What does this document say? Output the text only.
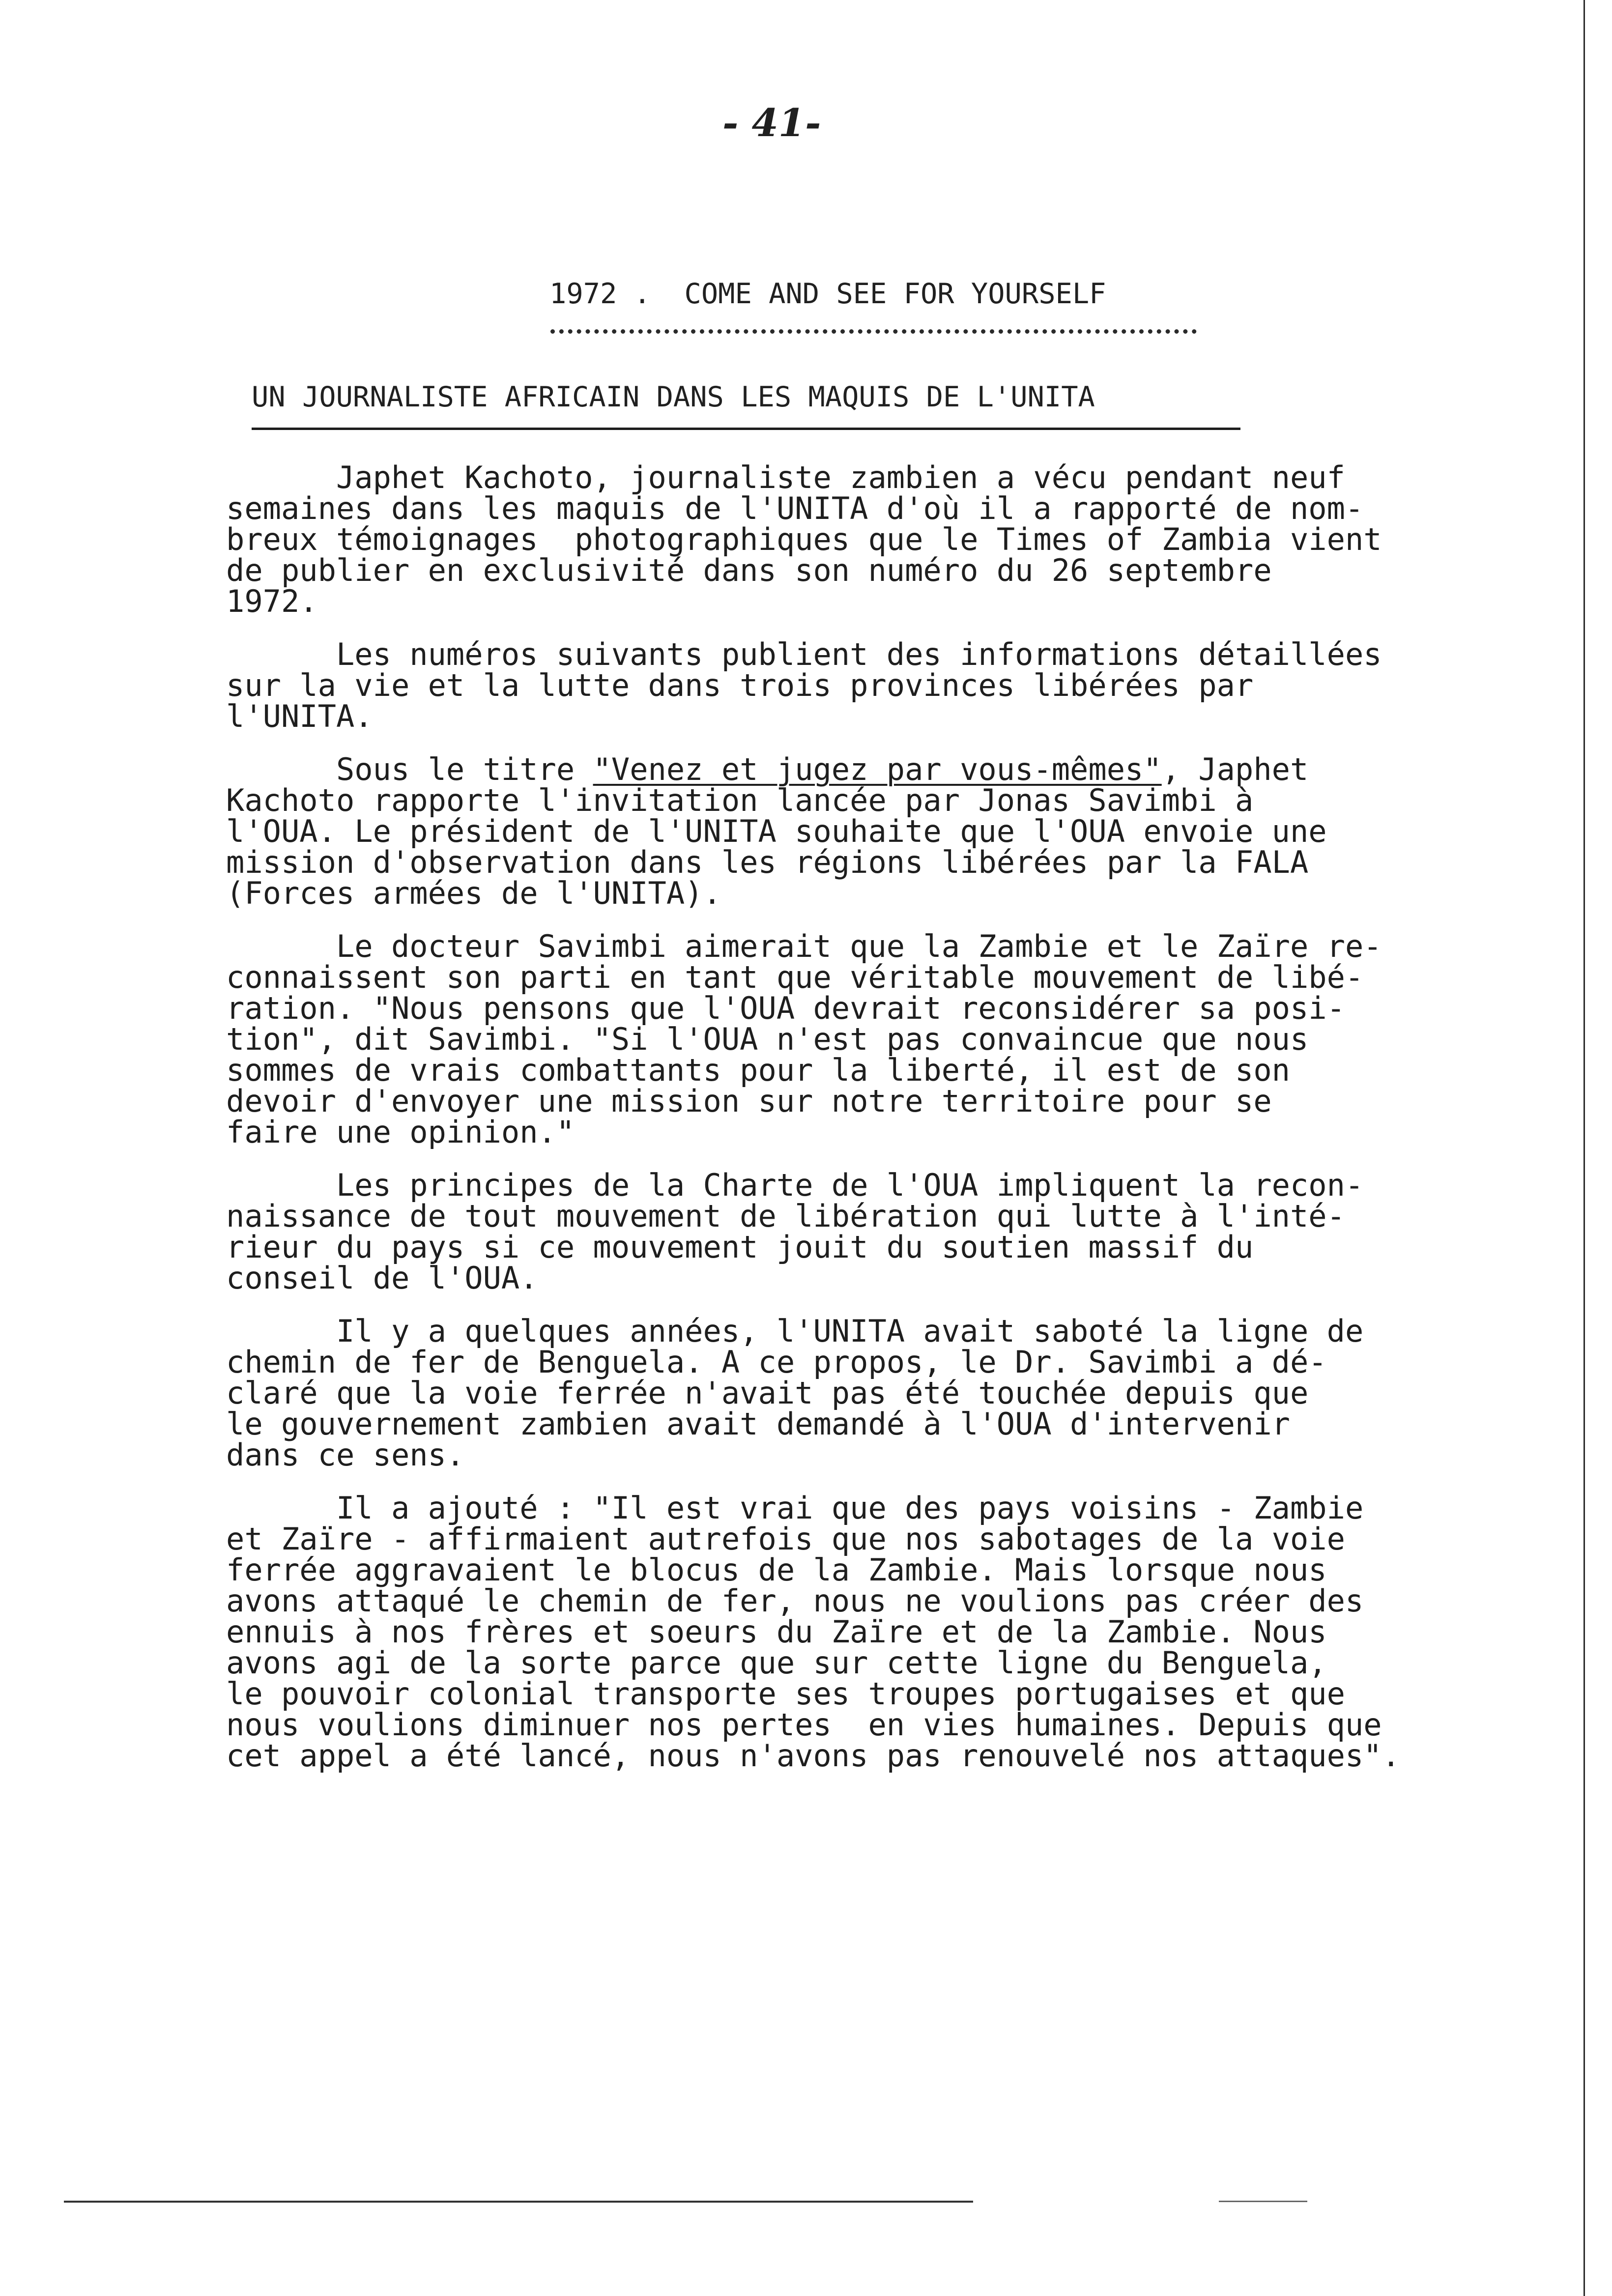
- 41-
1972 .  COME AND SEE FOR YOURSELF
UN JOURNALISTE AFRICAIN DANS LES MAQUIS DE L'UNITA

Japhet Kachoto, journaliste zambien a vécu pendant neuf
semaines dans les maquis de l'UNITA d'où il a rapporté de nom-
breux témoignages  photographiques que le Times of Zambia vient
de publier en exclusivité dans son numéro du 26 septembre
1972.

Les numéros suivants publient des informations détaillées
sur la vie et la lutte dans trois provinces libérées par
l'UNITA.

Sous le titre "Venez et jugez par vous-mêmes", Japhet
Kachoto rapporte l'invitation lancée par Jonas Savimbi à
l'OUA. Le président de l'UNITA souhaite que l'OUA envoie une
mission d'observation dans les régions libérées par la FALA
(Forces armées de l'UNITA).

Le docteur Savimbi aimerait que la Zambie et le Zaïre re-
connaissent son parti en tant que véritable mouvement de libé-
ration. "Nous pensons que l'OUA devrait reconsidérer sa posi-
tion", dit Savimbi. "Si l'OUA n'est pas convaincue que nous
sommes de vrais combattants pour la liberté, il est de son
devoir d'envoyer une mission sur notre territoire pour se
faire une opinion."

Les principes de la Charte de l'OUA impliquent la recon-
naissance de tout mouvement de libération qui lutte à l'inté-
rieur du pays si ce mouvement jouit du soutien massif du
conseil de l'OUA.

Il y a quelques années, l'UNITA avait saboté la ligne de
chemin de fer de Benguela. A ce propos, le Dr. Savimbi a dé-
claré que la voie ferrée n'avait pas été touchée depuis que
le gouvernement zambien avait demandé à l'OUA d'intervenir
dans ce sens.

Il a ajouté : "Il est vrai que des pays voisins - Zambie
et Zaïre - affirmaient autrefois que nos sabotages de la voie
ferrée aggravaient le blocus de la Zambie. Mais lorsque nous
avons attaqué le chemin de fer, nous ne voulions pas créer des
ennuis à nos frères et soeurs du Zaïre et de la Zambie. Nous
avons agi de la sorte parce que sur cette ligne du Benguela,
le pouvoir colonial transporte ses troupes portugaises et que
nous voulions diminuer nos pertes  en vies humaines. Depuis que
cet appel a été lancé, nous n'avons pas renouvelé nos attaques".
